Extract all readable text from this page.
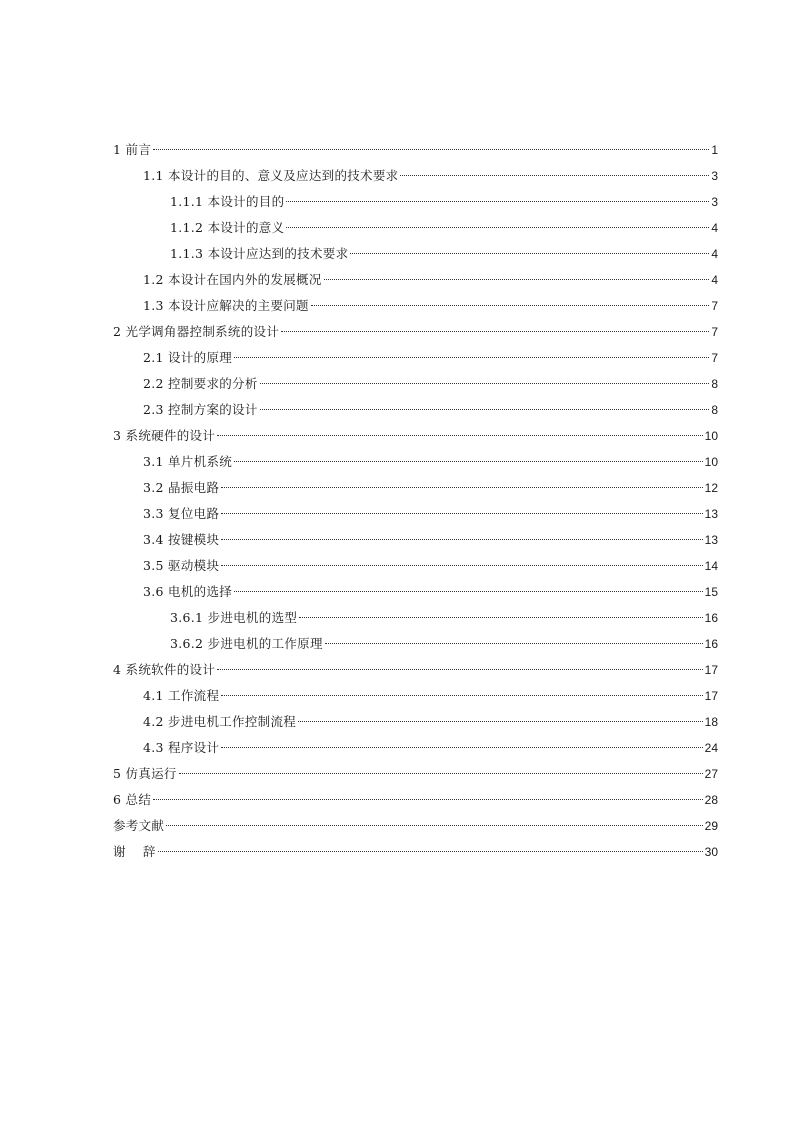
1 前言	1
1.1 本设计的目的、意义及应达到的技术要求	3
1.1.1 本设计的目的	3
1.1.2 本设计的意义	4
1.1.3 本设计应达到的技术要求	4
1.2 本设计在国内外的发展概况	4
1.3 本设计应解决的主要问题	7
2 光学调角器控制系统的设计	7
2.1 设计的原理	7
2.2 控制要求的分析	8
2.3 控制方案的设计	8
3 系统硬件的设计	10
3.1 单片机系统	10
3.2 晶振电路	12
3.3 复位电路	13
3.4 按键模块	13
3.5 驱动模块	14
3.6 电机的选择	15
3.6.1 步进电机的选型	16
3.6.2 步进电机的工作原理	16
4 系统软件的设计	17
4.1 工作流程	17
4.2 步进电机工作控制流程	18
4.3 程序设计	24
5 仿真运行	27
6 总结	28
参考文献	29
谢    辞	30
